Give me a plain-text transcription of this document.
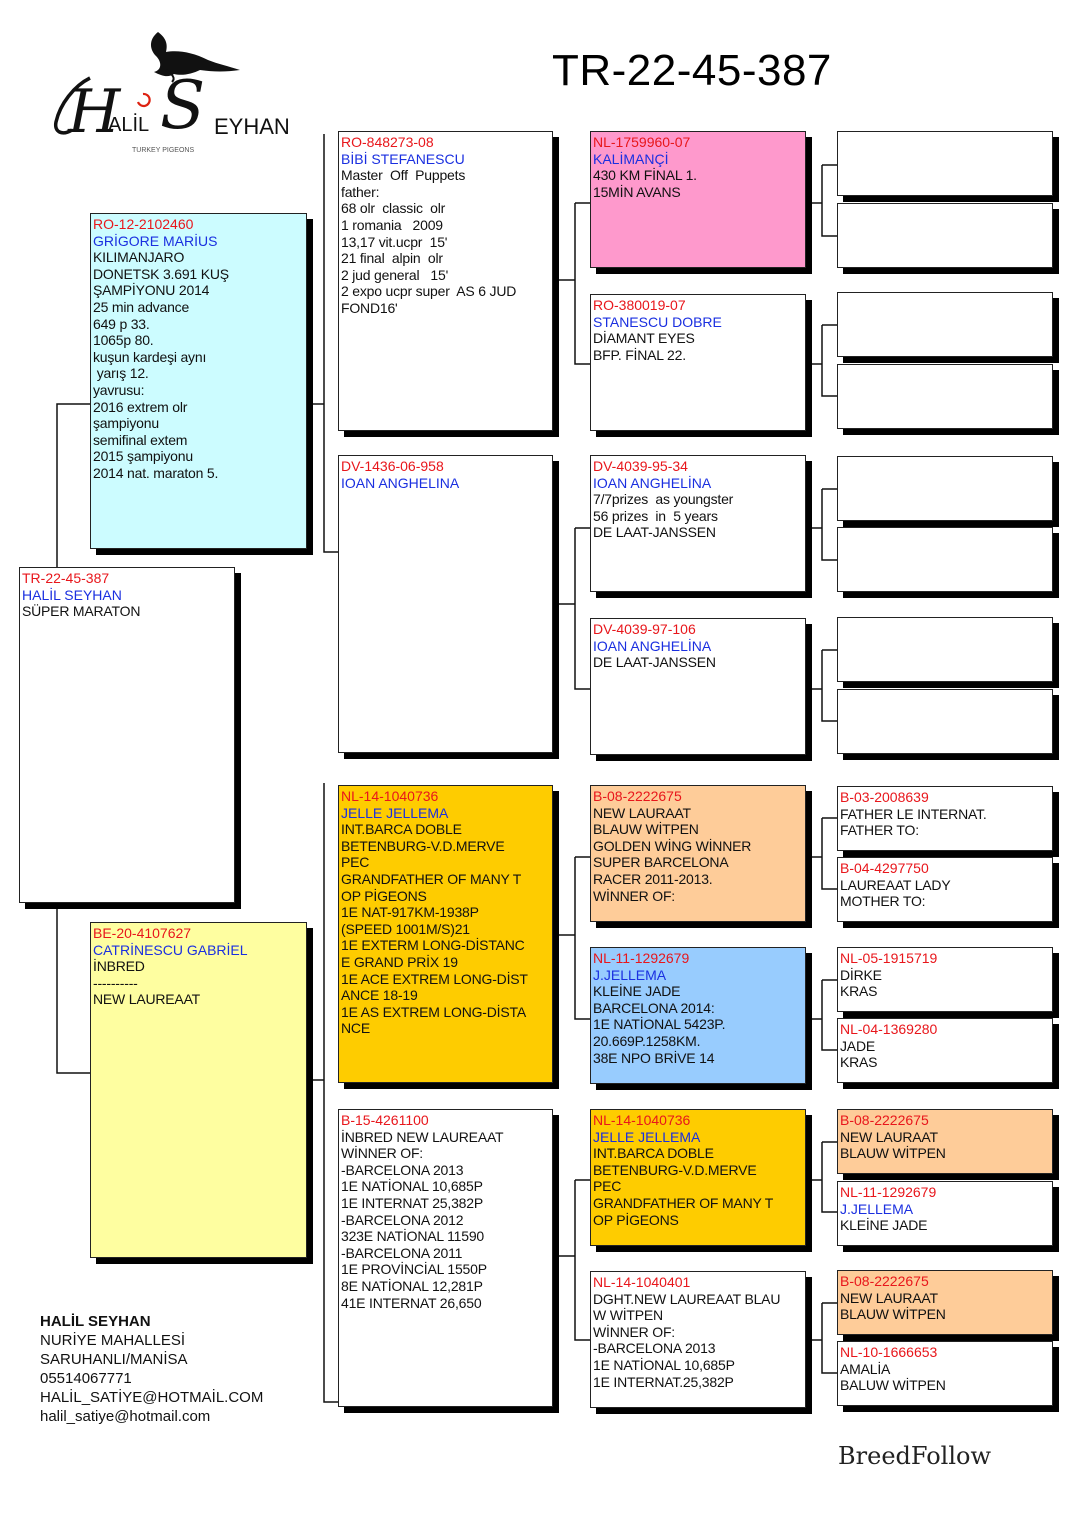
H
ALİL S EYHAN
TURKEY PIGEONS
TR-22-45-387
TR-22-45-387
HALİL SEYHAN
SÜPER MARATON
RO-12-2102460
GRİGORE MARİUS
KILIMANJARO
DONETSK 3.691 KUŞ
ŞAMPİYONU 2014
25 min advance
649 p 33.
1065p 80.
kuşun kardeşi aynı
yarış 12.
yavrusu:
2016 extrem olr
şampiyonu
semifinal extem
2015 şampiyonu
2014 nat. maraton 5.
BE-20-4107627
CATRİNESCU GABRİEL
İNBRED
----------
NEW LAUREAAT
RO-848273-08
BİBİ STEFANESCU
Master  Off  Puppets
father:
68 olr  classic  olr
1 romania   2009
13,17 vit.ucpr  15'
21 final  alpin  olr
2 jud general   15'
2 expo ucpr super  AS 6 JUD
FOND16'
DV-1436-06-958
IOAN ANGHELINA
NL-14-1040736
JELLE JELLEMA
INT.BARCA DOBLE
BETENBURG-V.D.MERVE
PEC
GRANDFATHER OF MANY T
OP PİGEONS
1E NAT-917KM-1938P
(SPEED 1001M/S)21
1E EXTERM LONG-DİSTANC
E GRAND PRİX 19
1E ACE EXTREM LONG-DİST
ANCE 18-19
1E AS EXTREM LONG-DİSTA
NCE
B-15-4261100
İNBRED NEW LAUREAAT
WİNNER OF:
-BARCELONA 2013
1E NATİONAL 10,685P
1E INTERNAT 25,382P
-BARCELONA 2012
323E NATİONAL 11590
-BARCELONA 2011
1E PROVİNCİAL 1550P
8E NATİONAL 12,281P
41E INTERNAT 26,650
NL-1759960-07
KALİMANÇİ
430 KM FİNAL 1.
15MİN AVANS
RO-380019-07
STANESCU DOBRE
DİAMANT EYES
BFP. FİNAL 22.
DV-4039-95-34
IOAN ANGHELİNA
7/7prizes  as youngster
56 prizes  in  5 years
DE LAAT-JANSSEN
DV-4039-97-106
IOAN ANGHELİNA
DE LAAT-JANSSEN
B-08-2222675
NEW LAURAAT
BLAUW WİTPEN
GOLDEN WİNG WİNNER
SUPER BARCELONA
RACER 2011-2013.
WİNNER OF:
NL-11-1292679
J.JELLEMA
KLEİNE JADE
BARCELONA 2014:
1E NATİONAL 5423P.
20.669P.1258KM.
38E NPO BRİVE 14
NL-14-1040736
JELLE JELLEMA
INT.BARCA DOBLE
BETENBURG-V.D.MERVE
PEC
GRANDFATHER OF MANY T
OP PİGEONS
NL-14-1040401
DGHT.NEW LAUREAAT BLAU
W WİTPEN
WİNNER OF:
-BARCELONA 2013
1E NATİONAL 10,685P
1E INTERNAT.25,382P
B-03-2008639
FATHER LE INTERNAT.
FATHER TO:
B-04-4297750
LAUREAAT LADY
MOTHER TO:
NL-05-1915719
DİRKE
KRAS
NL-04-1369280
JADE
KRAS
B-08-2222675
NEW LAURAAT
BLAUW WİTPEN
NL-11-1292679
J.JELLEMA
KLEİNE JADE
B-08-2222675
NEW LAURAAT
BLAUW WİTPEN
NL-10-1666653
AMALİA
BALUW WİTPEN
HALİL SEYHAN
NURİYE MAHALLESİ
SARUHANLI/MANİSA
05514067771
HALİL_SATİYE@HOTMAİL.COM
halil_satiye@hotmail.com
BreedFollow
